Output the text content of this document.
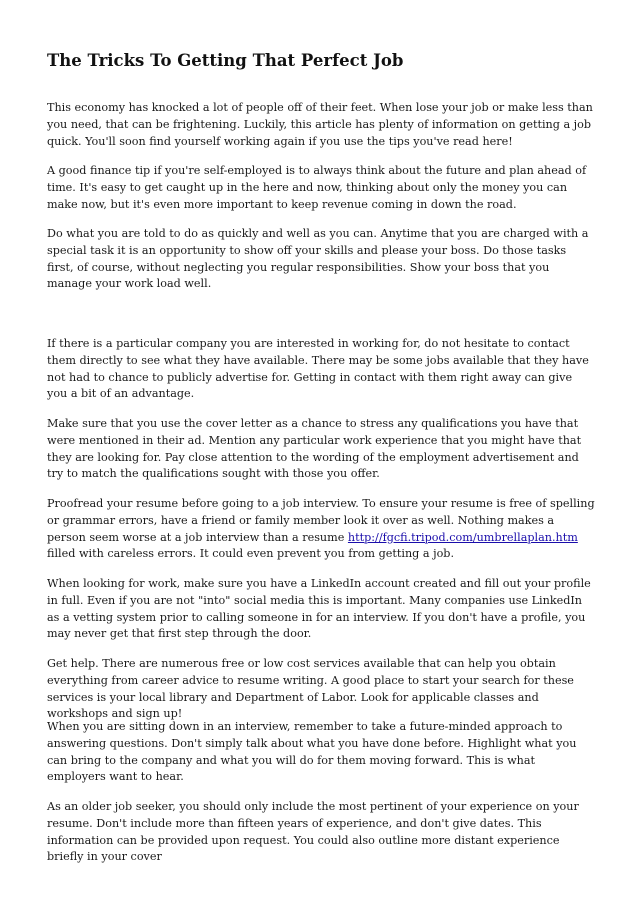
The Tricks To Getting That Perfect Job

This economy has knocked a lot of people off of their feet. When lose your job or make less than you need, that can be frightening. Luckily, this article has plenty of information on getting a job quick. You'll soon find yourself working again if you use the tips you've read here!

A good finance tip if you're self-employed is to always think about the future and plan ahead of time. It's easy to get caught up in the here and now, thinking about only the money you can make now, but it's even more important to keep revenue coming in down the road.

Do what you are told to do as quickly and well as you can. Anytime that you are charged with a special task it is an opportunity to show off your skills and please your boss. Do those tasks first, of course, without neglecting you regular responsibilities. Show your boss that you manage your work load well.

If there is a particular company you are interested in working for, do not hesitate to contact them directly to see what they have available. There may be some jobs available that they have not had to chance to publicly advertise for. Getting in contact with them right away can give you a bit of an advantage.

Make sure that you use the cover letter as a chance to stress any qualifications you have that were mentioned in their ad. Mention any particular work experience that you might have that they are looking for. Pay close attention to the wording of the employment advertisement and try to match the qualifications sought with those you offer.

Proofread your resume before going to a job interview. To ensure your resume is free of spelling or grammar errors, have a friend or family member look it over as well. Nothing makes a person seem worse at a job interview than a resume http://fgcfi.tripod.com/umbrellaplan.htm filled with careless errors. It could even prevent you from getting a job.

When looking for work, make sure you have a LinkedIn account created and fill out your profile in full. Even if you are not "into" social media this is important. Many companies use LinkedIn as a vetting system prior to calling someone in for an interview. If you don't have a profile, you may never get that first step through the door.

Get help. There are numerous free or low cost services available that can help you obtain everything from career advice to resume writing. A good place to start your search for these services is your local library and Department of Labor. Look for applicable classes and workshops and sign up!

When you are sitting down in an interview, remember to take a future-minded approach to answering questions. Don't simply talk about what you have done before. Highlight what you can bring to the company and what you will do for them moving forward. This is what employers want to hear.

As an older job seeker, you should only include the most pertinent of your experience on your resume. Don't include more than fifteen years of experience, and don't give dates. This information can be provided upon request. You could also outline more distant experience briefly in your cover
